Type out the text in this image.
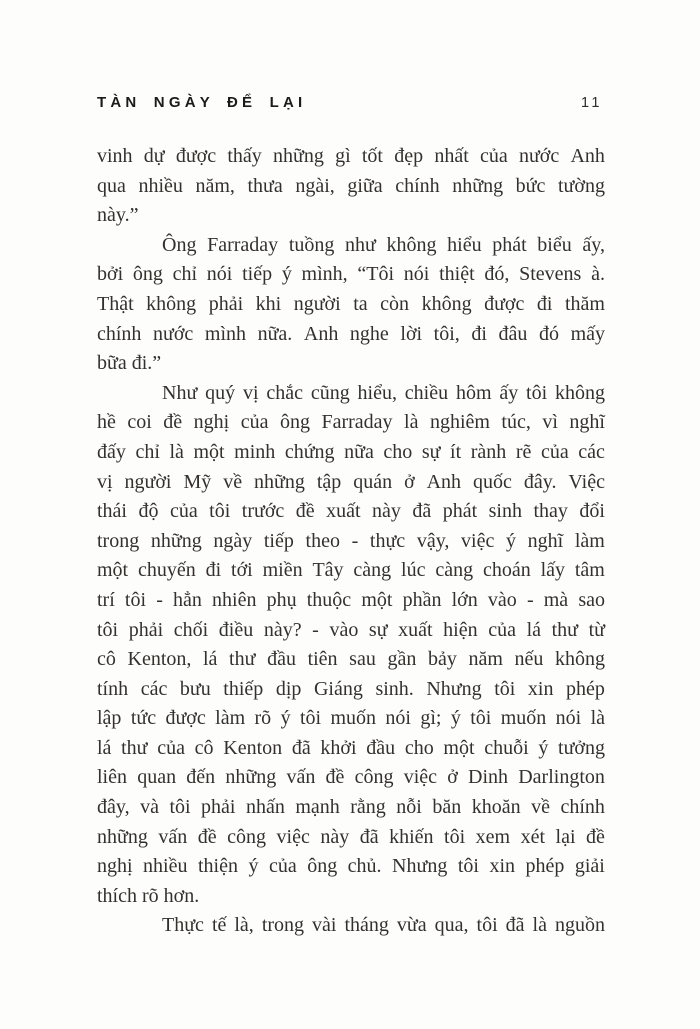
TÀN NGÀY ĐỂ LẠI	11
vinh dự được thấy những gì tốt đẹp nhất của nước Anh
qua nhiều năm, thưa ngài, giữa chính những bức tường
này.”
Ông Farraday tuồng như không hiểu phát biểu ấy,
bởi ông chỉ nói tiếp ý mình, “Tôi nói thiệt đó, Stevens à.
Thật không phải khi người ta còn không được đi thăm
chính nước mình nữa. Anh nghe lời tôi, đi đâu đó mấy
bữa đi.”
Như quý vị chắc cũng hiểu, chiều hôm ấy tôi không
hề coi đề nghị của ông Farraday là nghiêm túc, vì nghĩ
đấy chỉ là một minh chứng nữa cho sự ít rành rẽ của các
vị người Mỹ về những tập quán ở Anh quốc đây. Việc
thái độ của tôi trước đề xuất này đã phát sinh thay đổi
trong những ngày tiếp theo - thực vậy, việc ý nghĩ làm
một chuyến đi tới miền Tây càng lúc càng choán lấy tâm
trí tôi - hẳn nhiên phụ thuộc một phần lớn vào - mà sao
tôi phải chối điều này? - vào sự xuất hiện của lá thư từ
cô Kenton, lá thư đầu tiên sau gần bảy năm nếu không
tính các bưu thiếp dịp Giáng sinh. Nhưng tôi xin phép
lập tức được làm rõ ý tôi muốn nói gì; ý tôi muốn nói là
lá thư của cô Kenton đã khởi đầu cho một chuỗi ý tưởng
liên quan đến những vấn đề công việc ở Dinh Darlington
đây, và tôi phải nhấn mạnh rằng nỗi băn khoăn về chính
những vấn đề công việc này đã khiến tôi xem xét lại đề
nghị nhiều thiện ý của ông chủ. Nhưng tôi xin phép giải
thích rõ hơn.
Thực tế là, trong vài tháng vừa qua, tôi đã là nguồn
